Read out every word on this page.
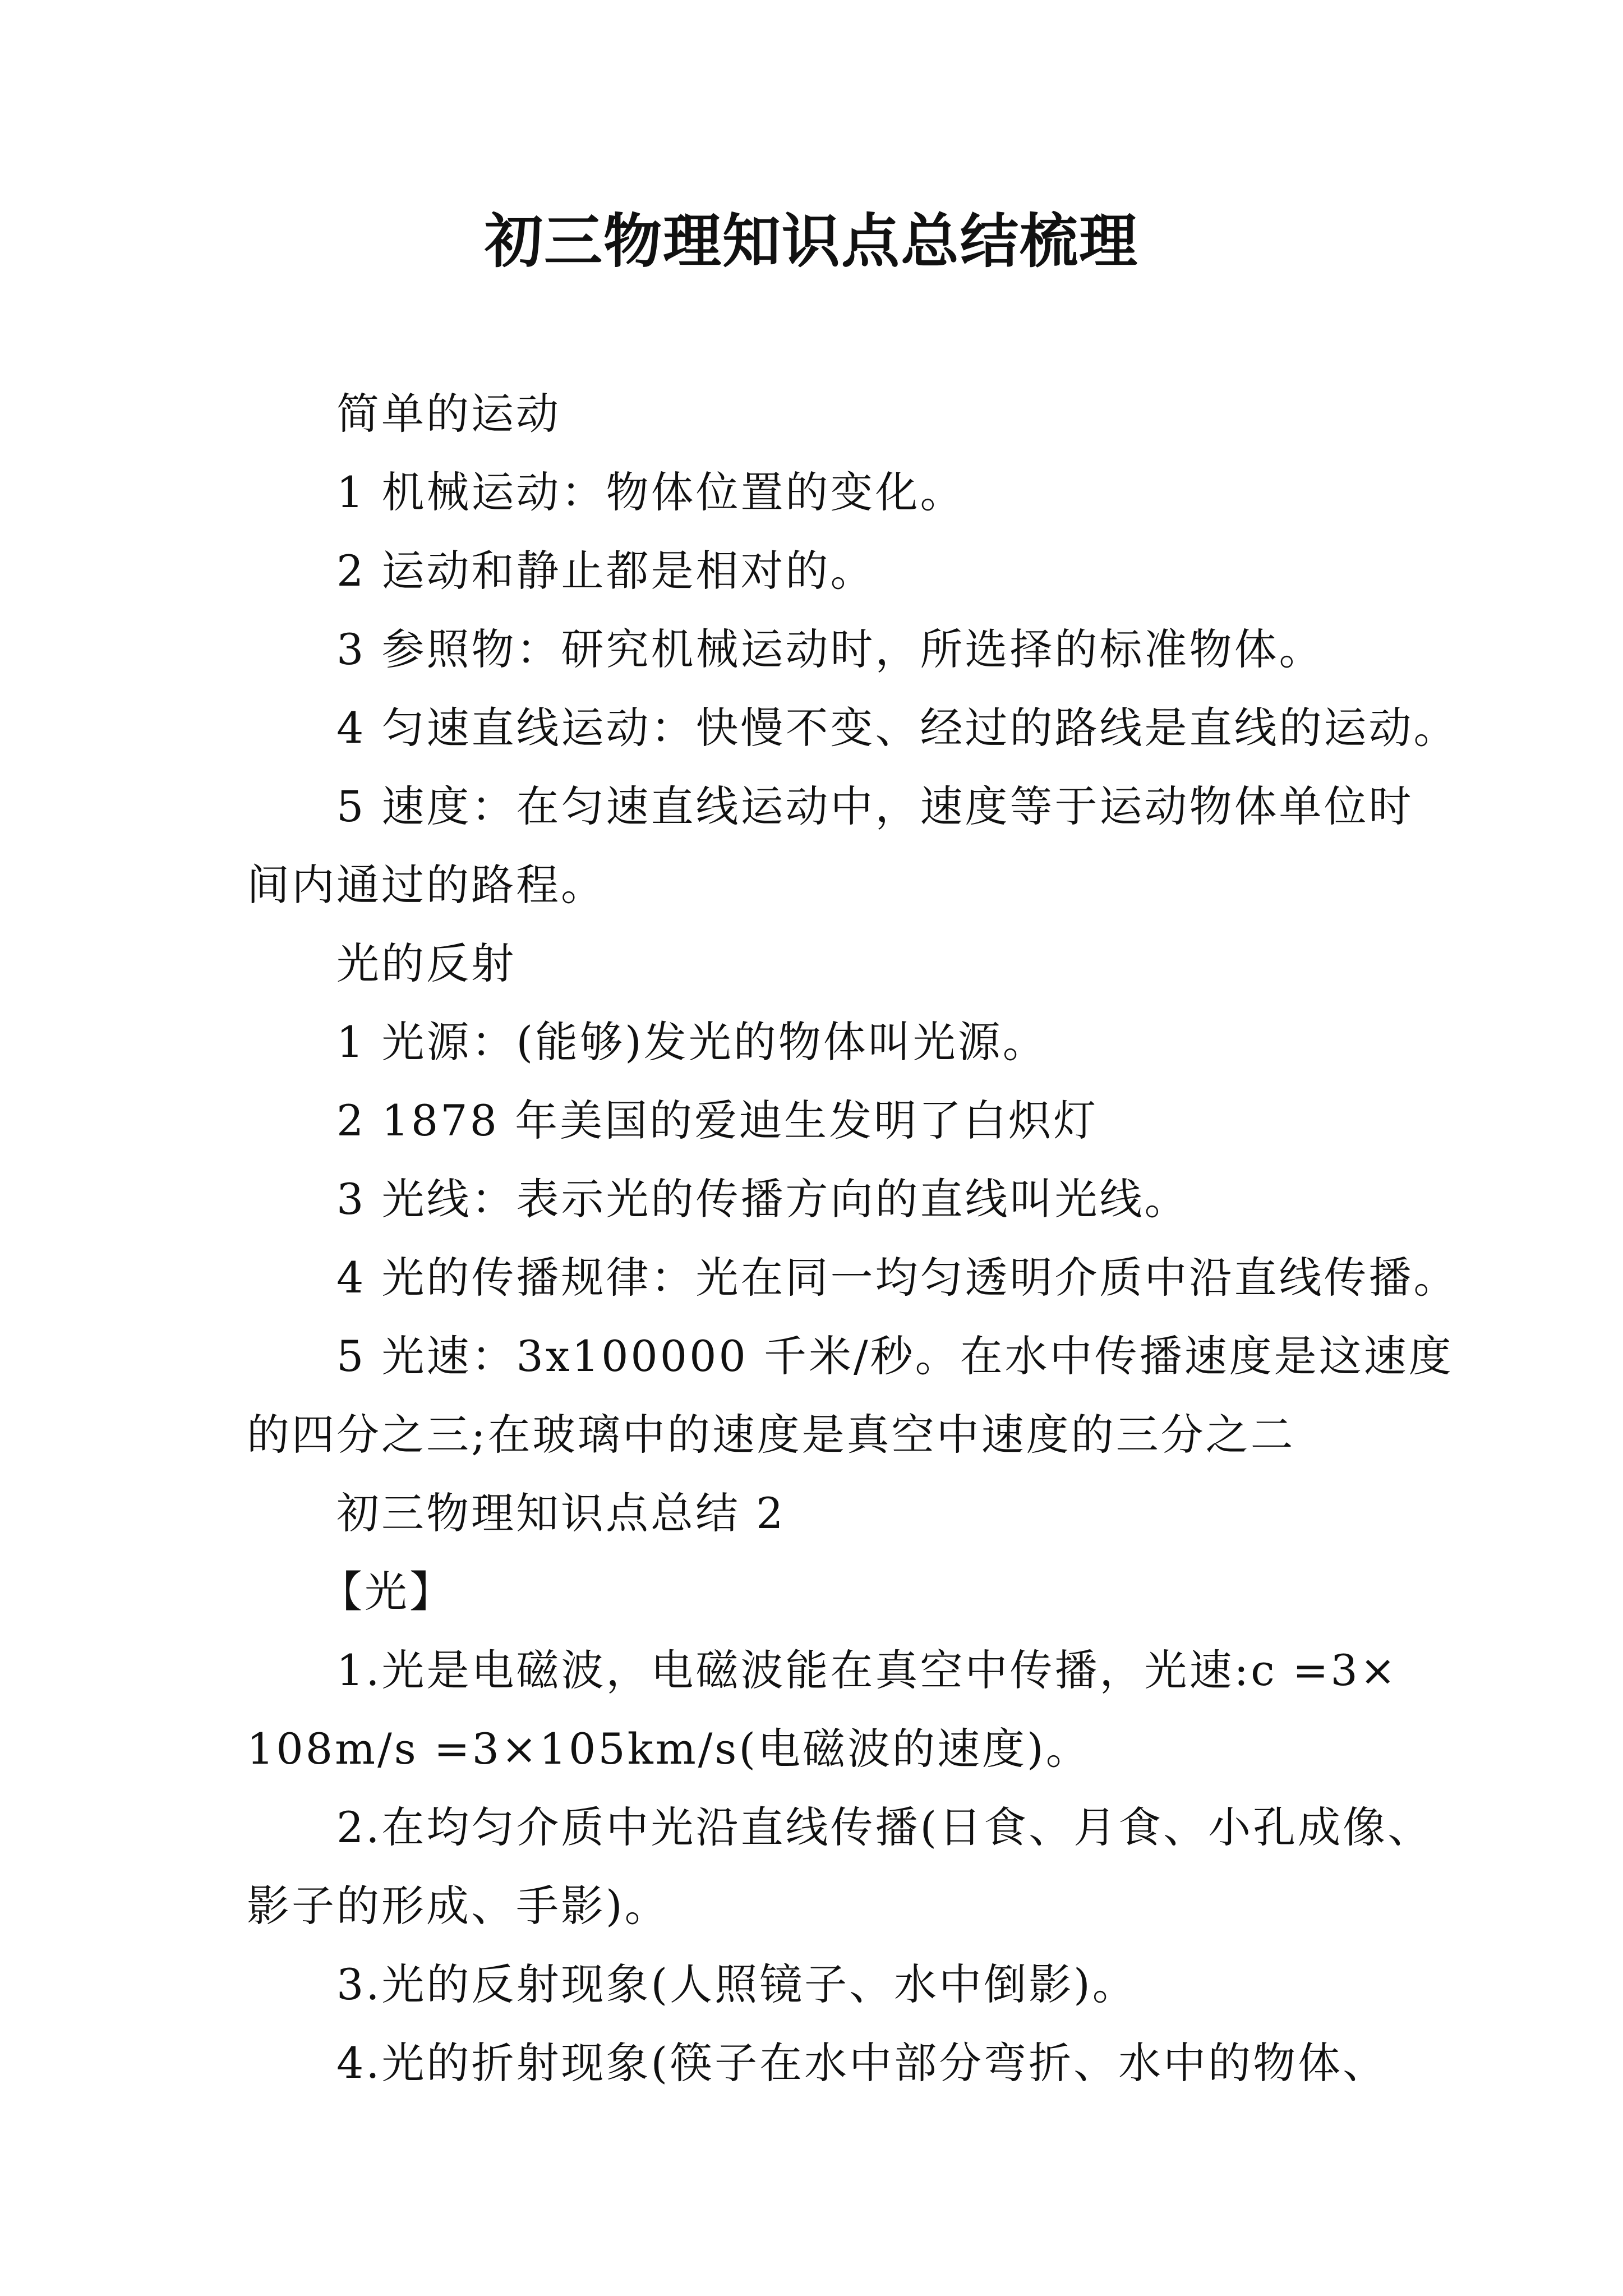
初三物理知识点总结梳理
简单的运动
1 机械运动：物体位置的变化。
2 运动和静止都是相对的。
3 参照物：研究机械运动时，所选择的标准物体。
4 匀速直线运动：快慢不变、经过的路线是直线的运动。
5 速度：在匀速直线运动中，速度等于运动物体单位时
间内通过的路程。
光的反射
1 光源：(能够)发光的物体叫光源。
2 1878 年美国的爱迪生发明了白炽灯
3 光线：表示光的传播方向的直线叫光线。
4 光的传播规律：光在同一均匀透明介质中沿直线传播。
5 光速：3x100000 千米/秒。在水中传播速度是这速度
的四分之三;在玻璃中的速度是真空中速度的三分之二
初三物理知识点总结 2
【光】
1.光是电磁波，电磁波能在真空中传播，光速:c =3×
108m/s =3×105km/s(电磁波的速度)。
2.在均匀介质中光沿直线传播(日食、月食、小孔成像、
影子的形成、手影)。
3.光的反射现象(人照镜子、水中倒影)。
4.光的折射现象(筷子在水中部分弯折、水中的物体、
